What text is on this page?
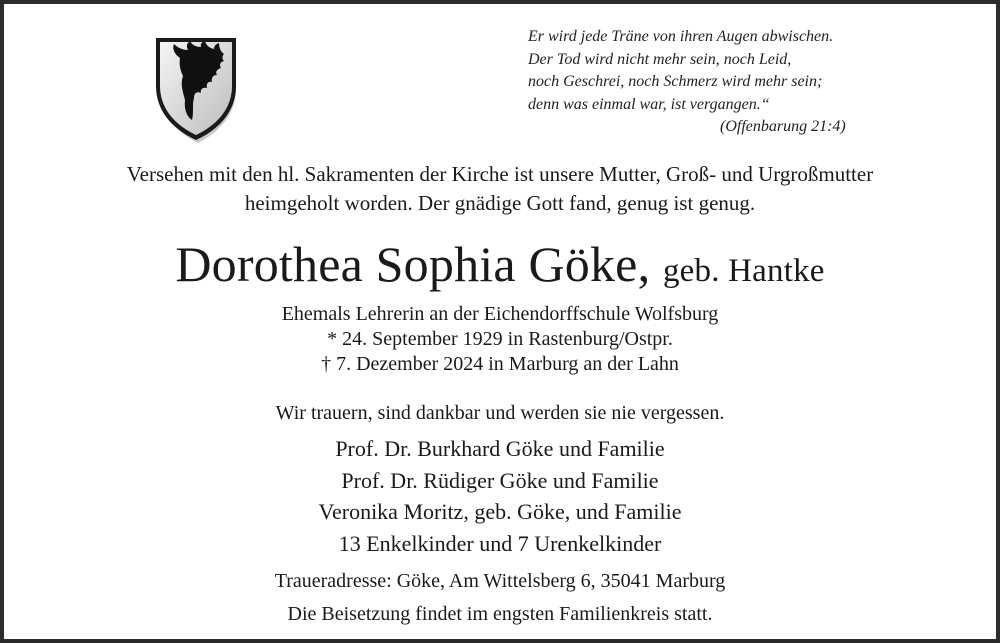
Er wird jede Träne von ihren Augen abwischen.
Der Tod wird nicht mehr sein, noch Leid,
noch Geschrei, noch Schmerz wird mehr sein;
denn was einmal war, ist vergangen.“
(Offenbarung 21:4)
Versehen mit den hl. Sakramenten der Kirche ist unsere Mutter, Groß- und Urgroßmutter
heimgeholt worden. Der gnädige Gott fand, genug ist genug.
Dorothea Sophia Göke, geb. Hantke
Ehemals Lehrerin an der Eichendorffschule Wolfsburg
* 24. September 1929 in Rastenburg/Ostpr.
† 7. Dezember 2024 in Marburg an der Lahn
Wir trauern, sind dankbar und werden sie nie vergessen.
Prof. Dr. Burkhard Göke und Familie
Prof. Dr. Rüdiger Göke und Familie
Veronika Moritz, geb. Göke, und Familie
13 Enkelkinder und 7 Urenkelkinder
Traueradresse: Göke, Am Wittelsberg 6, 35041 Marburg
Die Beisetzung findet im engsten Familienkreis statt.
